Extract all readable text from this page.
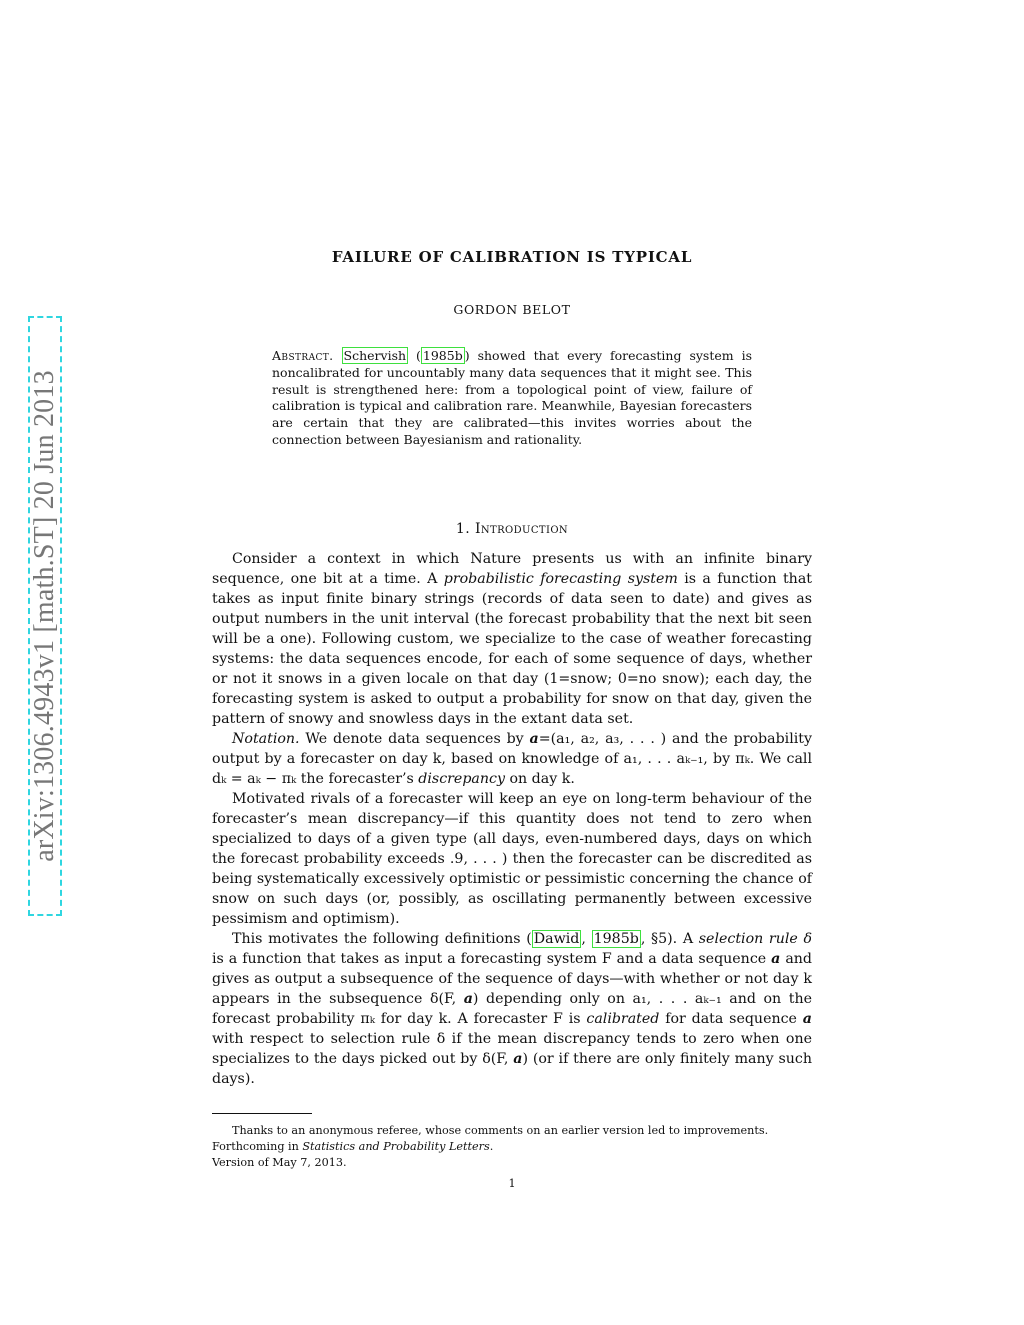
arXiv:1306.4943v1 [math.ST] 20 Jun 2013
FAILURE OF CALIBRATION IS TYPICAL
GORDON BELOT
Abstract. Schervish ( 1985b ) showed that every forecasting system is noncalibrated for uncountably many data sequences that it might see. This result is strengthened here: from a topological point of view, failure of calibration is typical and calibration rare. Meanwhile, Bayesian forecasters are certain that they are calibrated—this invites worries about the connection between Bayesianism and rationality.
1. Introduction

Consider a context in which Nature presents us with an infinite binary sequence, one bit at a time. A probabilistic forecasting system is a function that takes as input finite binary strings (records of data seen to date) and gives as output numbers in the unit interval (the forecast probability that the next bit seen will be a one). Following custom, we specialize to the case of weather forecasting systems: the data sequences encode, for each of some sequence of days, whether or not it snows in a given locale on that day (1=snow; 0=no snow); each day, the forecasting system is asked to output a probability for snow on that day, given the pattern of snowy and snowless days in the extant data set.

Notation. We denote data sequences by a=(a₁, a₂, a₃, . . . ) and the probability output by a forecaster on day k, based on knowledge of a₁, . . . aₖ₋₁, by πₖ. We call dₖ = aₖ − πₖ the forecaster’s discrepancy on day k.

Motivated rivals of a forecaster will keep an eye on long-term behaviour of the forecaster’s mean discrepancy—if this quantity does not tend to zero when specialized to days of a given type (all days, even-numbered days, days on which the forecast probability exceeds .9, . . . ) then the forecaster can be discredited as being systematically excessively optimistic or pessimistic concerning the chance of snow on such days (or, possibly, as oscillating permanently between excessive pessimism and optimism).

This motivates the following definitions ( Dawid , 1985b , §5). A selection rule δ is a function that takes as input a forecasting system F and a data sequence a and gives as output a subsequence of the sequence of days—with whether or not day k appears in the subsequence δ(F, a) depending only on a₁, . . . aₖ₋₁ and on the forecast probability πₖ for day k. A forecaster F is calibrated for data sequence a with respect to selection rule δ if the mean discrepancy tends to zero when one specializes to the days picked out by δ(F, a) (or if there are only finitely many such days).

Thanks to an anonymous referee, whose comments on an earlier version led to improvements.

Forthcoming in Statistics and Probability Letters.

Version of May 7, 2013.

1
